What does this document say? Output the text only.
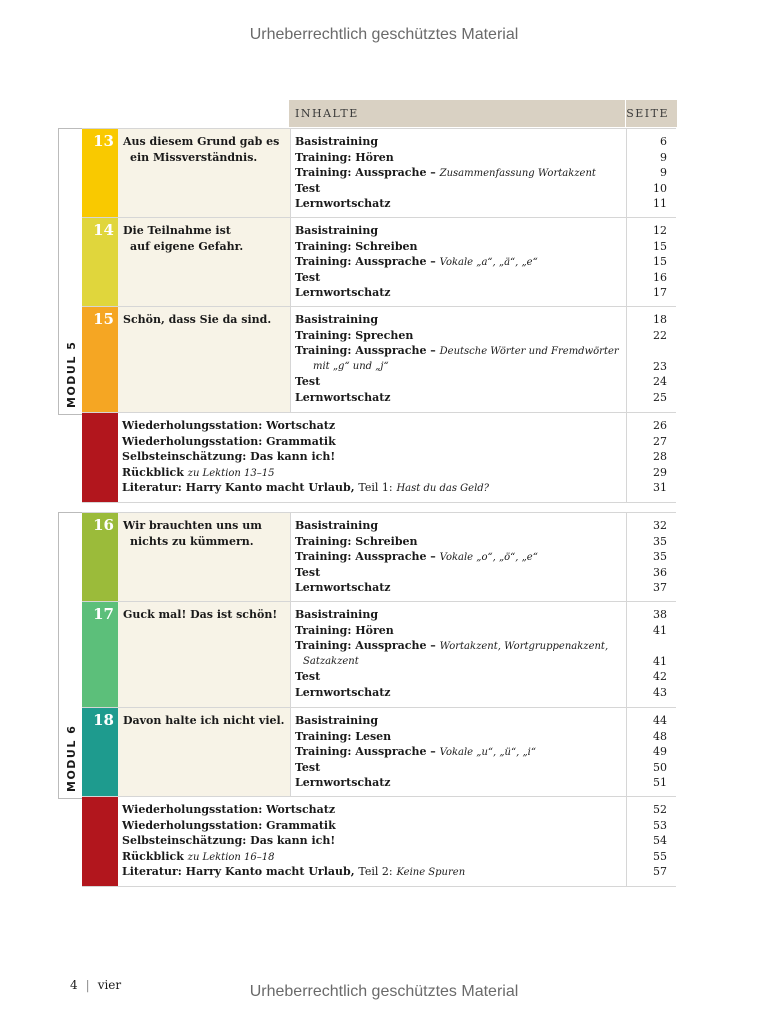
Urheberrechtlich geschütztes Material
INHALTE	SEITE
MODUL 5
13 Aus diesem Grund gab es
ein Missverständnis.
Basistraining
Training: Hören
Training: Aussprache – Zusammenfassung Wortakzent
Test
Lernwortschatz
6
9
9
10
11
14 Die Teilnahme ist
auf eigene Gefahr.
Basistraining
Training: Schreiben
Training: Aussprache – Vokale „a“, „ä“, „e“
Test
Lernwortschatz
12
15
15
16
17
15 Schön, dass Sie da sind. Basistraining
Training: Sprechen
Training: Aussprache – Deutsche Wörter und Fremdwörter
mit „g“ und „j“
Test
Lernwortschatz
18
22
23
24
25
Wiederholungsstation: Wortschatz
Wiederholungsstation: Grammatik
Selbsteinschätzung: Das kann ich!
Rückblick zu Lektion 13–15
Literatur: Harry Kanto macht Urlaub, Teil 1: Hast du das Geld?
26
27
28
29
31
MODUL 6
16 Wir brauchten uns um
nichts zu kümmern.
Basistraining
Training: Schreiben
Training: Aussprache – Vokale „o“, „ö“, „e“
Test
Lernwortschatz
32
35
35
36
37
17 Guck mal! Das ist schön! Basistraining
Training: Hören
Training: Aussprache – Wortakzent, Wortgruppenakzent,
Satzakzent
Test
Lernwortschatz
38
41
41
42
43
18 Davon halte ich nicht viel. Basistraining
Training: Lesen
Training: Aussprache – Vokale „u“, „ü“, „i“
Test
Lernwortschatz
44
48
49
50
51
Wiederholungsstation: Wortschatz
Wiederholungsstation: Grammatik
Selbsteinschätzung: Das kann ich!
Rückblick zu Lektion 16–18
Literatur: Harry Kanto macht Urlaub, Teil 2: Keine Spuren
52
53
54
55
57
4 | vier	Urheberrechtlich geschütztes Material
